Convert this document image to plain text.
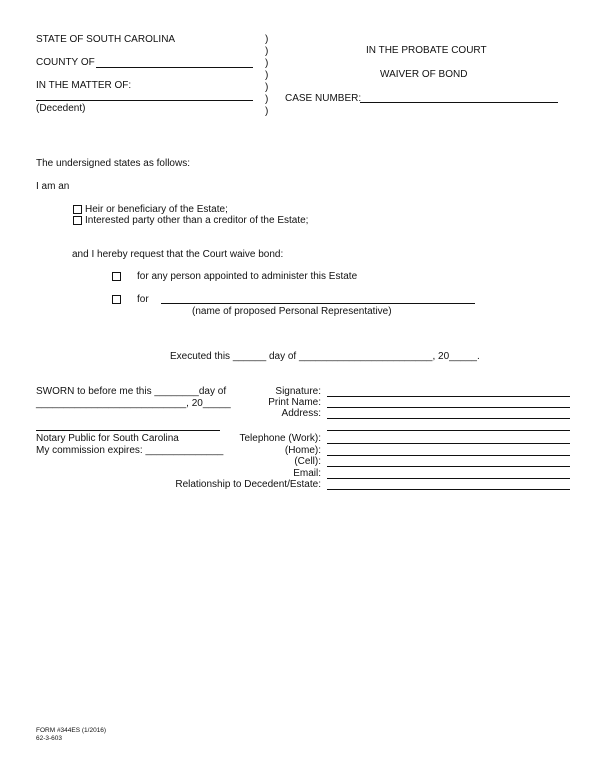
STATE OF SOUTH CAROLINA
COUNTY OF
IN THE MATTER OF:
(Decedent)
)
)
)
)
)
)
)
IN THE PROBATE COURT
WAIVER OF BOND
CASE NUMBER:
The undersigned states as follows:
I am an
Heir or beneficiary of the Estate;
Interested party other than a creditor of the Estate;
and I hereby request that the Court waive bond:
for any person appointed to administer this Estate
for
(name of proposed Personal Representative)
Executed this ______ day of ________________________, 20_____.
SWORN to before me this ________day of
___________________________, 20_____
Notary Public for South Carolina
My commission expires: ______________
Signature:
Print Name:
Address:
Telephone (Work):
(Home):
(Cell):
Email:
Relationship to Decedent/Estate:
FORM #344ES (1/2016)
62-3-603
